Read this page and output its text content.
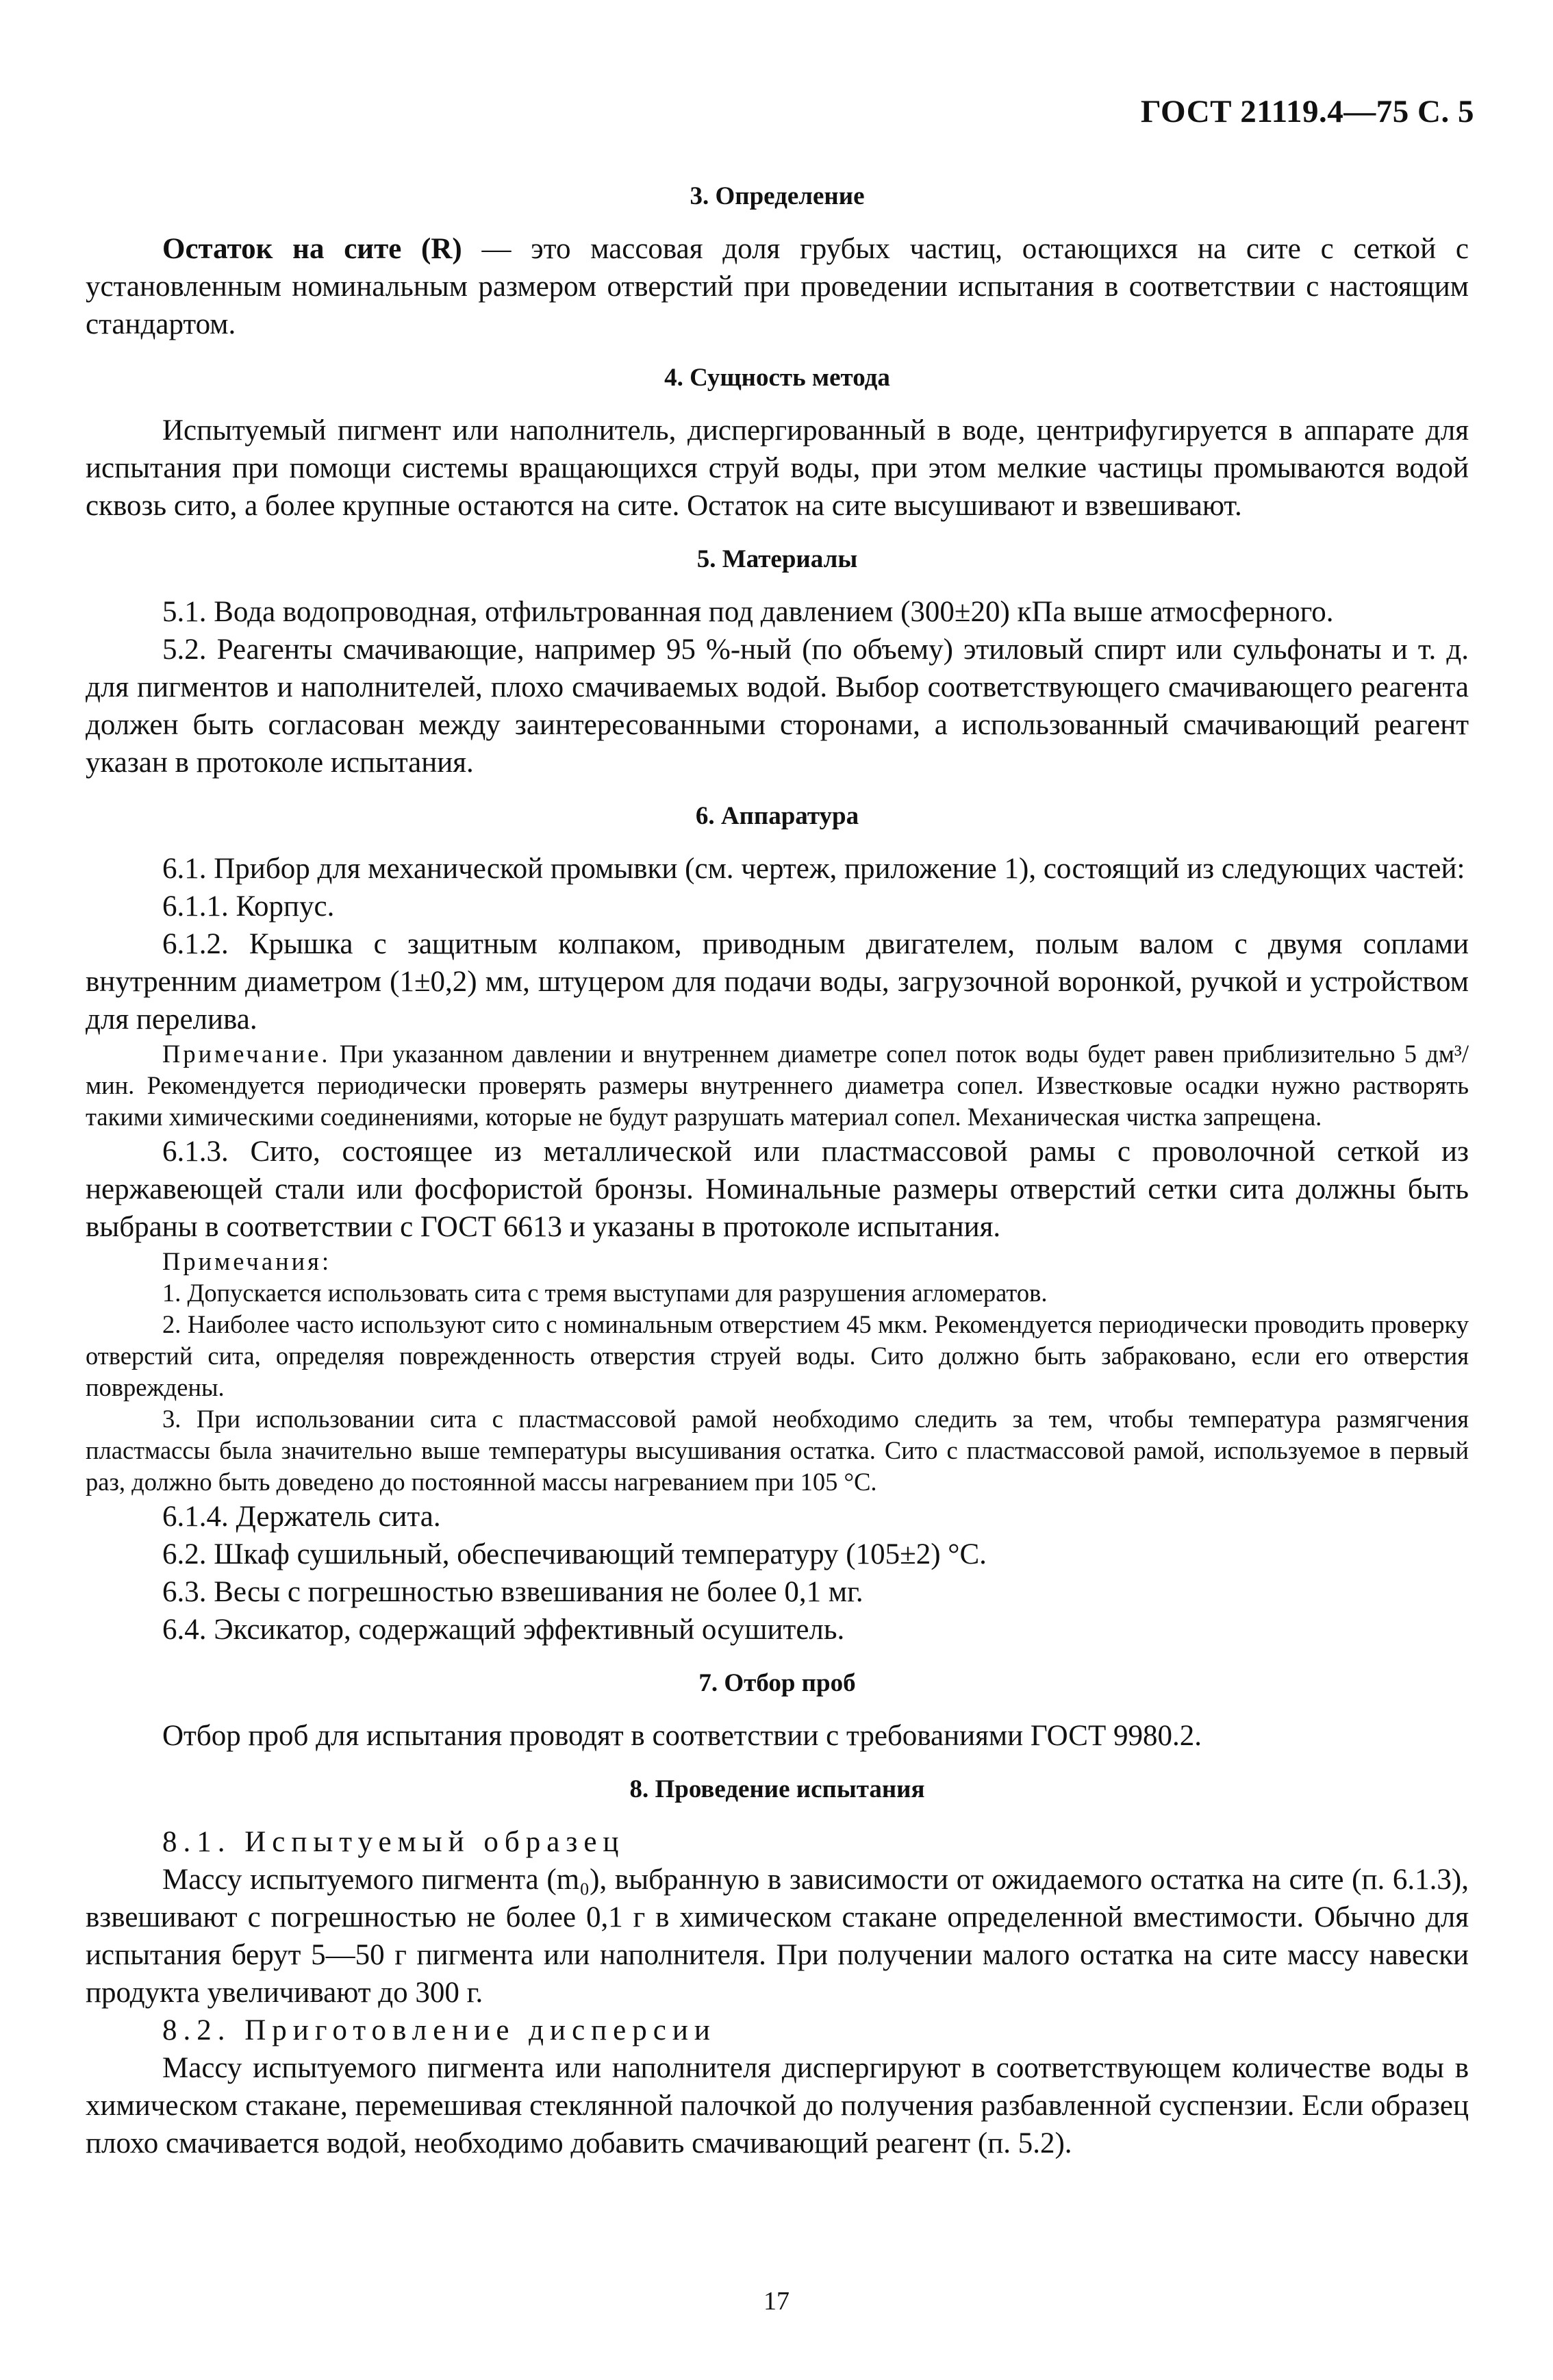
ГОСТ 21119.4—75 С. 5
3. Определение

Остаток на сите (R) — это массовая доля грубых частиц, остающихся на сите с сеткой с установленным номинальным размером отверстий при проведении испытания в соответствии с настоящим стандартом.

4. Сущность метода

Испытуемый пигмент или наполнитель, диспергированный в воде, центрифугируется в аппарате для испытания при помощи системы вращающихся струй воды, при этом мелкие частицы промываются водой сквозь сито, а более крупные остаются на сите. Остаток на сите высушивают и взвешивают.

5. Материалы

5.1. Вода водопроводная, отфильтрованная под давлением (300±20) кПа выше атмосферного.

5.2. Реагенты смачивающие, например 95 %-ный (по объему) этиловый спирт или сульфонаты и т. д. для пигментов и наполнителей, плохо смачиваемых водой. Выбор соответствующего смачивающего реагента должен быть согласован между заинтересованными сторонами, а использованный смачивающий реагент указан в протоколе испытания.

6. Аппаратура

6.1. Прибор для механической промывки (см. чертеж, приложение 1), состоящий из следующих частей:

6.1.1. Корпус.

6.1.2. Крышка с защитным колпаком, приводным двигателем, полым валом с двумя соплами внутренним диаметром (1±0,2) мм, штуцером для подачи воды, загрузочной воронкой, ручкой и устройством для перелива.

Примечание. При указанном давлении и внутреннем диаметре сопел поток воды будет равен приблизительно 5 дм³/мин. Рекомендуется периодически проверять размеры внутреннего диаметра сопел. Известковые осадки нужно растворять такими химическими соединениями, которые не будут разрушать материал сопел. Механическая чистка запрещена.

6.1.3. Сито, состоящее из металлической или пластмассовой рамы с проволочной сеткой из нержавеющей стали или фосфористой бронзы. Номинальные размеры отверстий сетки сита должны быть выбраны в соответствии с ГОСТ 6613 и указаны в протоколе испытания.

Примечания:

1. Допускается использовать сита с тремя выступами для разрушения агломератов.

2. Наиболее часто используют сито с номинальным отверстием 45 мкм. Рекомендуется периодически проводить проверку отверстий сита, определяя поврежденность отверстия струей воды. Сито должно быть забраковано, если его отверстия повреждены.

3. При использовании сита с пластмассовой рамой необходимо следить за тем, чтобы температура размягчения пластмассы была значительно выше температуры высушивания остатка. Сито с пластмассовой рамой, используемое в первый раз, должно быть доведено до постоянной массы нагреванием при 105 °С.

6.1.4. Держатель сита.

6.2. Шкаф сушильный, обеспечивающий температуру (105±2) °С.

6.3. Весы с погрешностью взвешивания не более 0,1 мг.

6.4. Эксикатор, содержащий эффективный осушитель.

7. Отбор проб

Отбор проб для испытания проводят в соответствии с требованиями ГОСТ 9980.2.

8. Проведение испытания

8.1. Испытуемый образец

Массу испытуемого пигмента (m₀), выбранную в зависимости от ожидаемого остатка на сите (п. 6.1.3), взвешивают с погрешностью не более 0,1 г в химическом стакане определенной вместимости. Обычно для испытания берут 5—50 г пигмента или наполнителя. При получении малого остатка на сите массу навески продукта увеличивают до 300 г.

8.2. Приготовление дисперсии

Массу испытуемого пигмента или наполнителя диспергируют в соответствующем количестве воды в химическом стакане, перемешивая стеклянной палочкой до получения разбавленной суспензии. Если образец плохо смачивается водой, необходимо добавить смачивающий реагент (п. 5.2).

17
